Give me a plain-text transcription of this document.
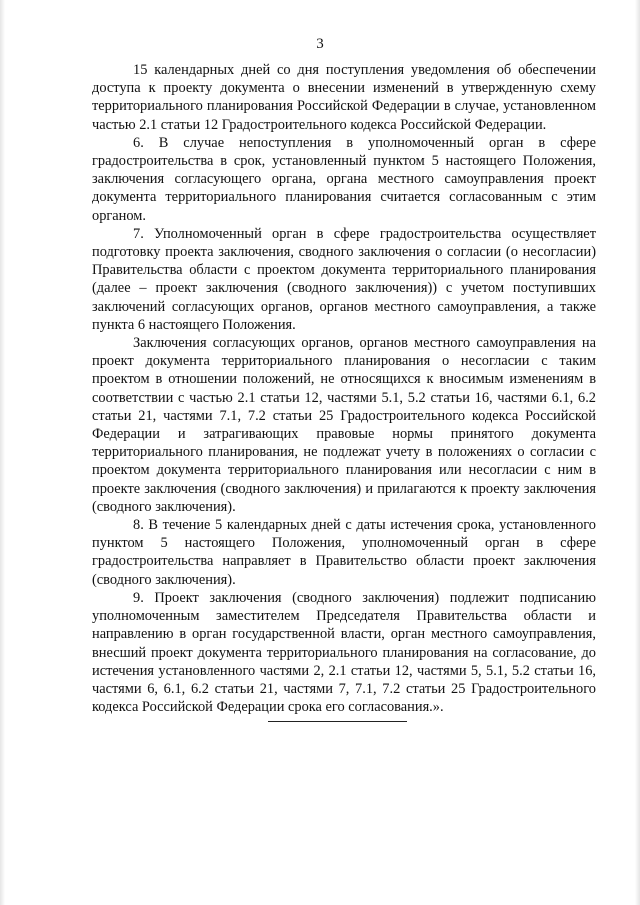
3

15 календарных дней со дня поступления уведомления об обеспечении доступа к проекту документа о внесении изменений в утвержденную схему территориального планирования Российской Федерации в случае, установленном частью 2.1 статьи 12 Градостроительного кодекса Российской Федерации.

6. В случае непоступления в уполномоченный орган в сфере градостроительства в срок, установленный пунктом 5 настоящего Положения, заключения согласующего органа, органа местного самоуправления проект документа территориального планирования считается согласованным с этим органом.

7. Уполномоченный орган в сфере градостроительства осуществляет подготовку проекта заключения, сводного заключения о согласии (о несогласии) Правительства области с проектом документа территориального планирования (далее – проект заключения (сводного заключения)) с учетом поступивших заключений согласующих органов, органов местного самоуправления, а также пункта 6 настоящего Положения.

Заключения согласующих органов, органов местного самоуправления на проект документа территориального планирования о несогласии с таким проектом в отношении положений, не относящихся к вносимым изменениям в соответствии с частью 2.1 статьи 12, частями 5.1, 5.2 статьи 16, частями 6.1, 6.2 статьи 21, частями 7.1, 7.2 статьи 25 Градостроительного кодекса Российской Федерации и затрагивающих правовые нормы принятого документа территориального планирования, не подлежат учету в положениях о согласии с проектом документа территориального планирования или несогласии с ним в проекте заключения (сводного заключения) и прилагаются к проекту заключения (сводного заключения).

8. В течение 5 календарных дней с даты истечения срока, установленного пунктом 5 настоящего Положения, уполномоченный орган в сфере градостроительства направляет в Правительство области проект заключения (сводного заключения).

9. Проект заключения (сводного заключения) подлежит подписанию уполномоченным заместителем Председателя Правительства области и направлению в орган государственной власти, орган местного самоуправления, внесший проект документа территориального планирования на согласование, до истечения установленного частями 2, 2.1 статьи 12, частями 5, 5.1, 5.2 статьи 16, частями 6, 6.1, 6.2 статьи 21, частями 7, 7.1, 7.2 статьи 25 Градостроительного кодекса Российской Федерации срока его согласования.».
